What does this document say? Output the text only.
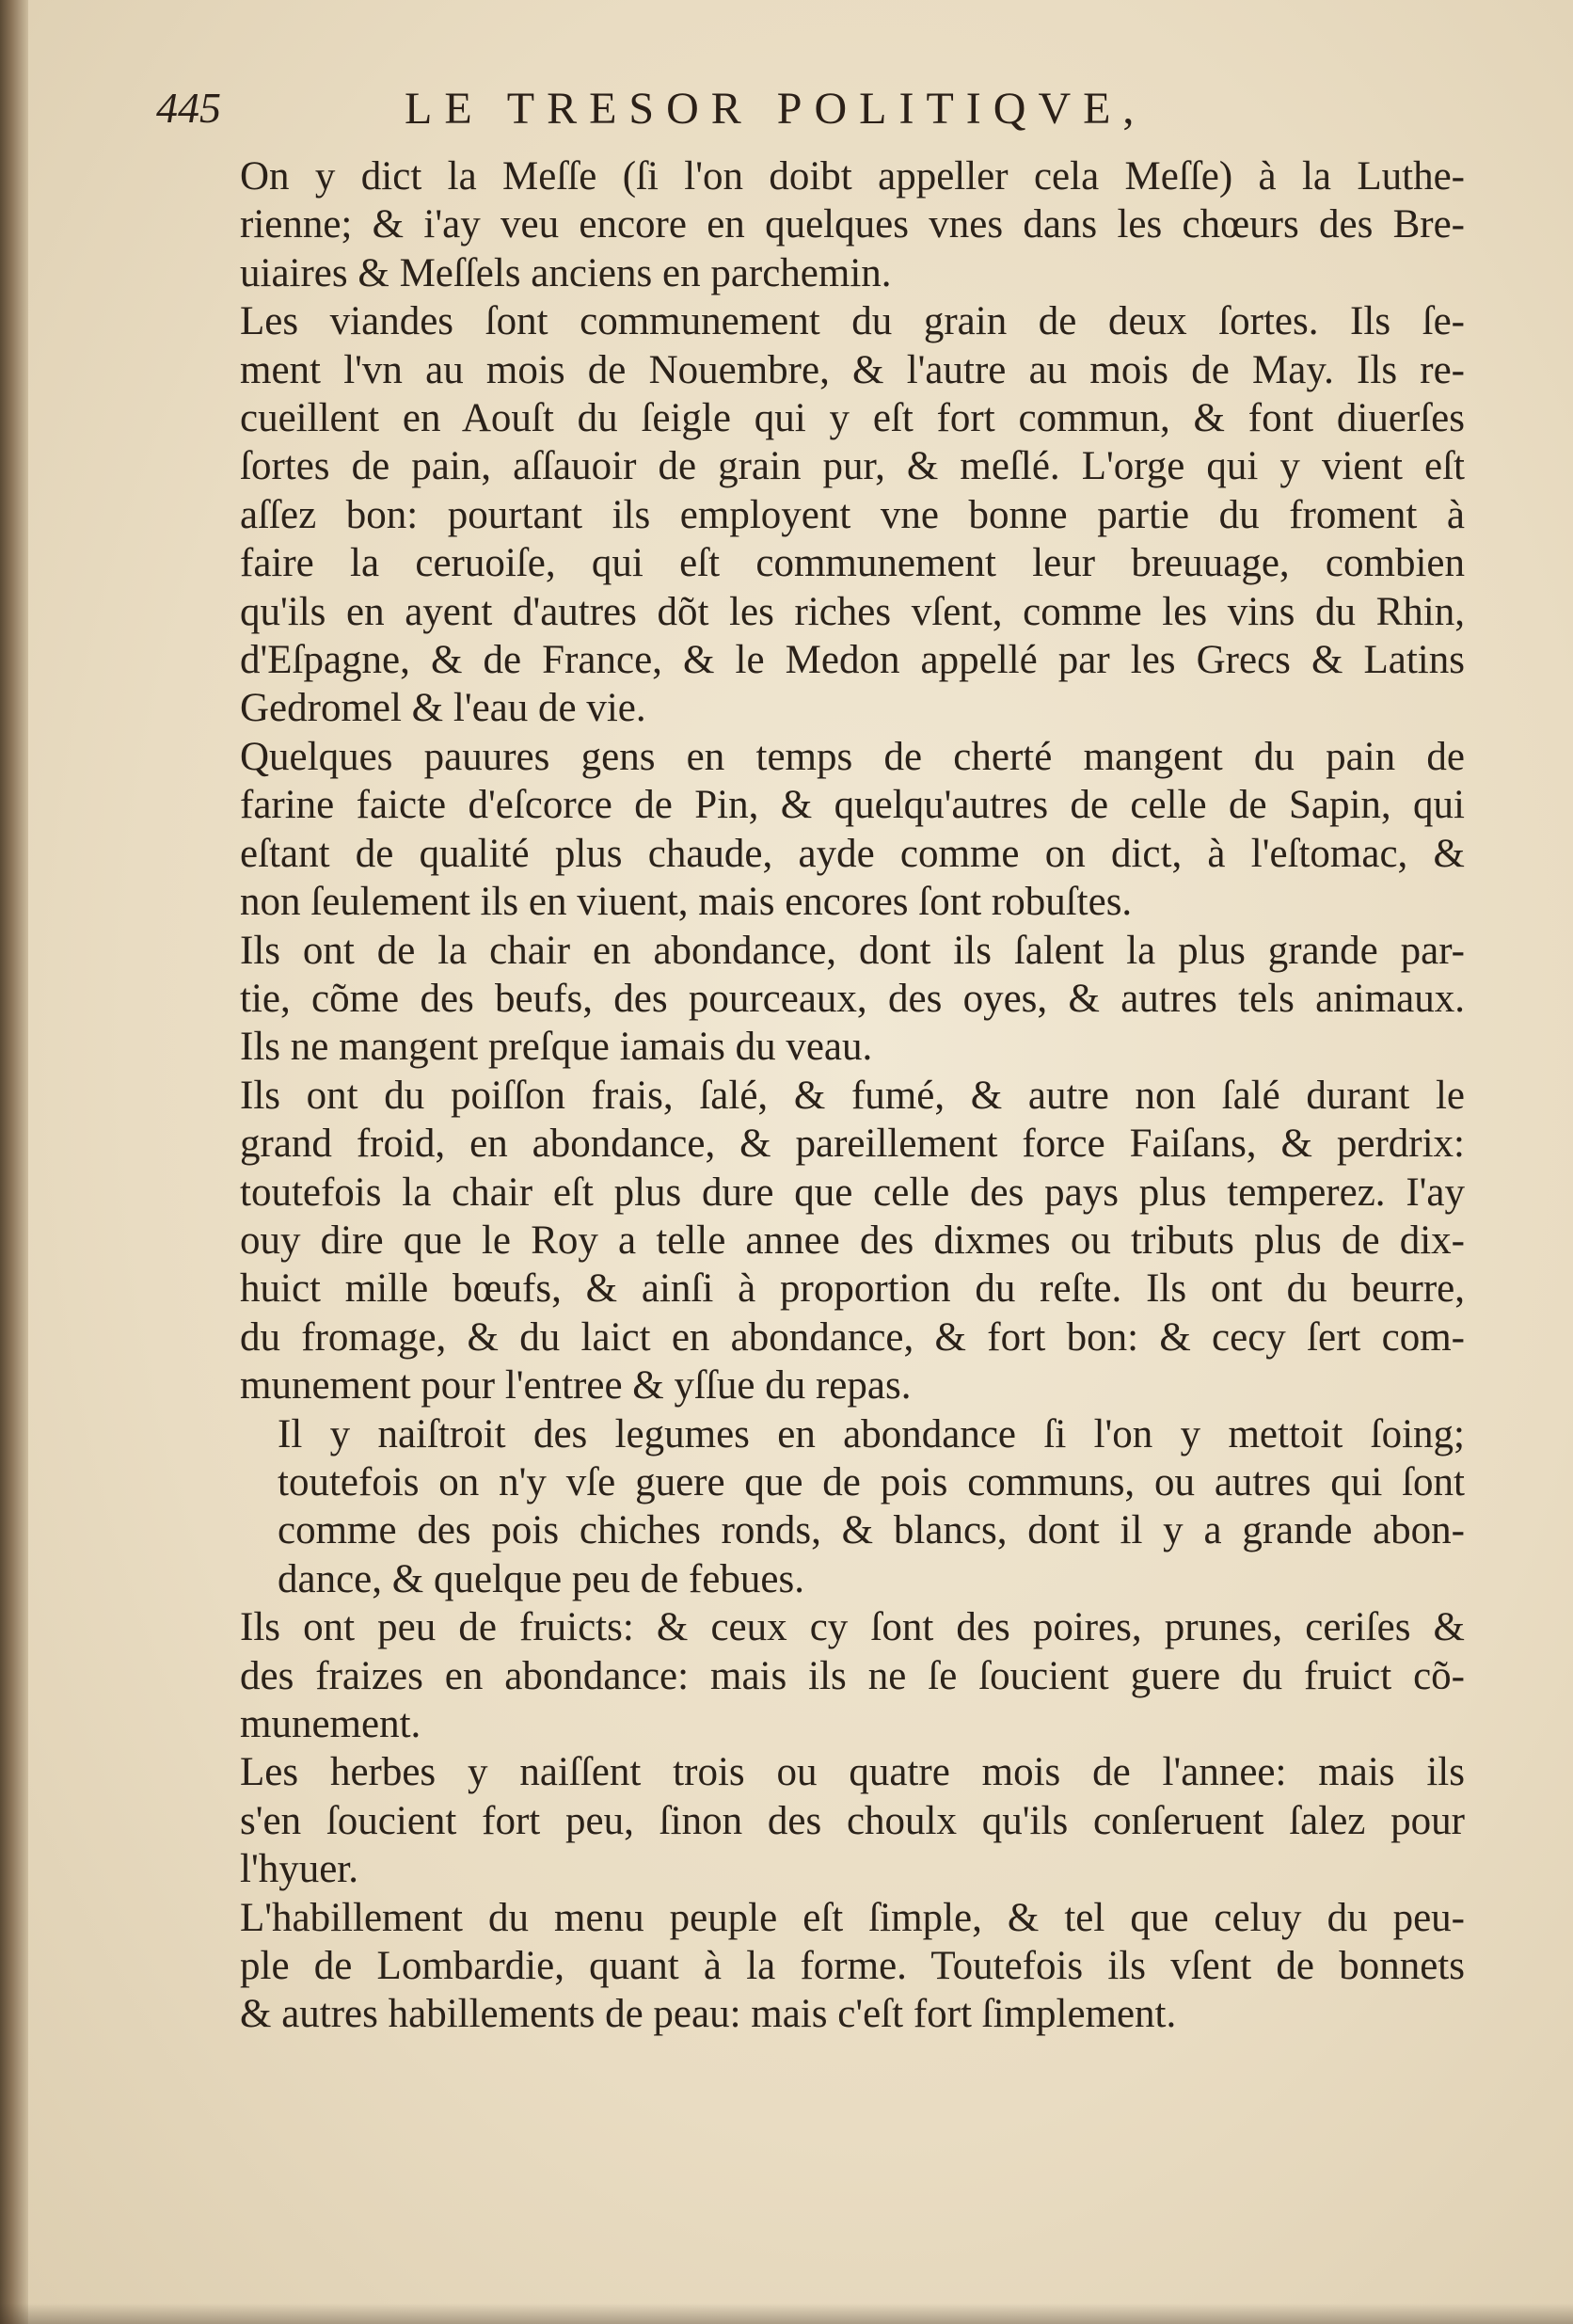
445	LE TRESOR POLITIQVE,

On y dict la Meſſe (ſi l'on doibt appeller cela Meſſe) à la Luthe-
rienne; & i'ay veu encore en quelques vnes dans les chœurs des Bre-
uiaires & Meſſels anciens en parchemin.

Les viandes ſont communement du grain de deux ſortes. Ils ſe-
ment l'vn au mois de Nouembre, & l'autre au mois de May. Ils re-
cueillent en Aouſt du ſeigle qui y eſt fort commun, & font diuerſes
ſortes de pain, aſſauoir de grain pur, & meſlé. L'orge qui y vient eſt
aſſez bon: pourtant ils employent vne bonne partie du froment à
faire la ceruoiſe, qui eſt communement leur breuuage, combien
qu'ils en ayent d'autres dõt les riches vſent, comme les vins du Rhin,
d'Eſpagne, & de France, & le Medon appellé par les Grecs & Latins
Gedromel & l'eau de vie.

Quelques pauures gens en temps de cherté mangent du pain de
farine faicte d'eſcorce de Pin, & quelqu'autres de celle de Sapin, qui
eſtant de qualité plus chaude, ayde comme on dict, à l'eſtomac, &
non ſeulement ils en viuent, mais encores ſont robuſtes.

Ils ont de la chair en abondance, dont ils ſalent la plus grande par-
tie, cõme des beufs, des pourceaux, des oyes, & autres tels animaux.
Ils ne mangent preſque iamais du veau.

Ils ont du poiſſon frais, ſalé, & fumé, & autre non ſalé durant le
grand froid, en abondance, & pareillement force Faiſans, & perdrix:
toutefois la chair eſt plus dure que celle des pays plus temperez. I'ay
ouy dire que le Roy a telle annee des dixmes ou tributs plus de dix-
huict mille bœufs, & ainſi à proportion du reſte. Ils ont du beurre,
du fromage, & du laict en abondance, & fort bon: & cecy ſert com-
munement pour l'entree & yſſue du repas.

Il y naiſtroit des legumes en abondance ſi l'on y mettoit ſoing;
toutefois on n'y vſe guere que de pois communs, ou autres qui ſont
comme des pois chiches ronds, & blancs, dont il y a grande abon-
dance, & quelque peu de febues.

Ils ont peu de fruicts: & ceux cy ſont des poires, prunes, ceriſes &
des fraizes en abondance: mais ils ne ſe ſoucient guere du fruict cõ-
munement.

Les herbes y naiſſent trois ou quatre mois de l'annee: mais ils
s'en ſoucient fort peu, ſinon des choulx qu'ils conſeruent ſalez pour
l'hyuer.

L'habillement du menu peuple eſt ſimple, & tel que celuy du peu-
ple de Lombardie, quant à la forme. Toutefois ils vſent de bonnets
& autres habillements de peau: mais c'eſt fort ſimplement.
